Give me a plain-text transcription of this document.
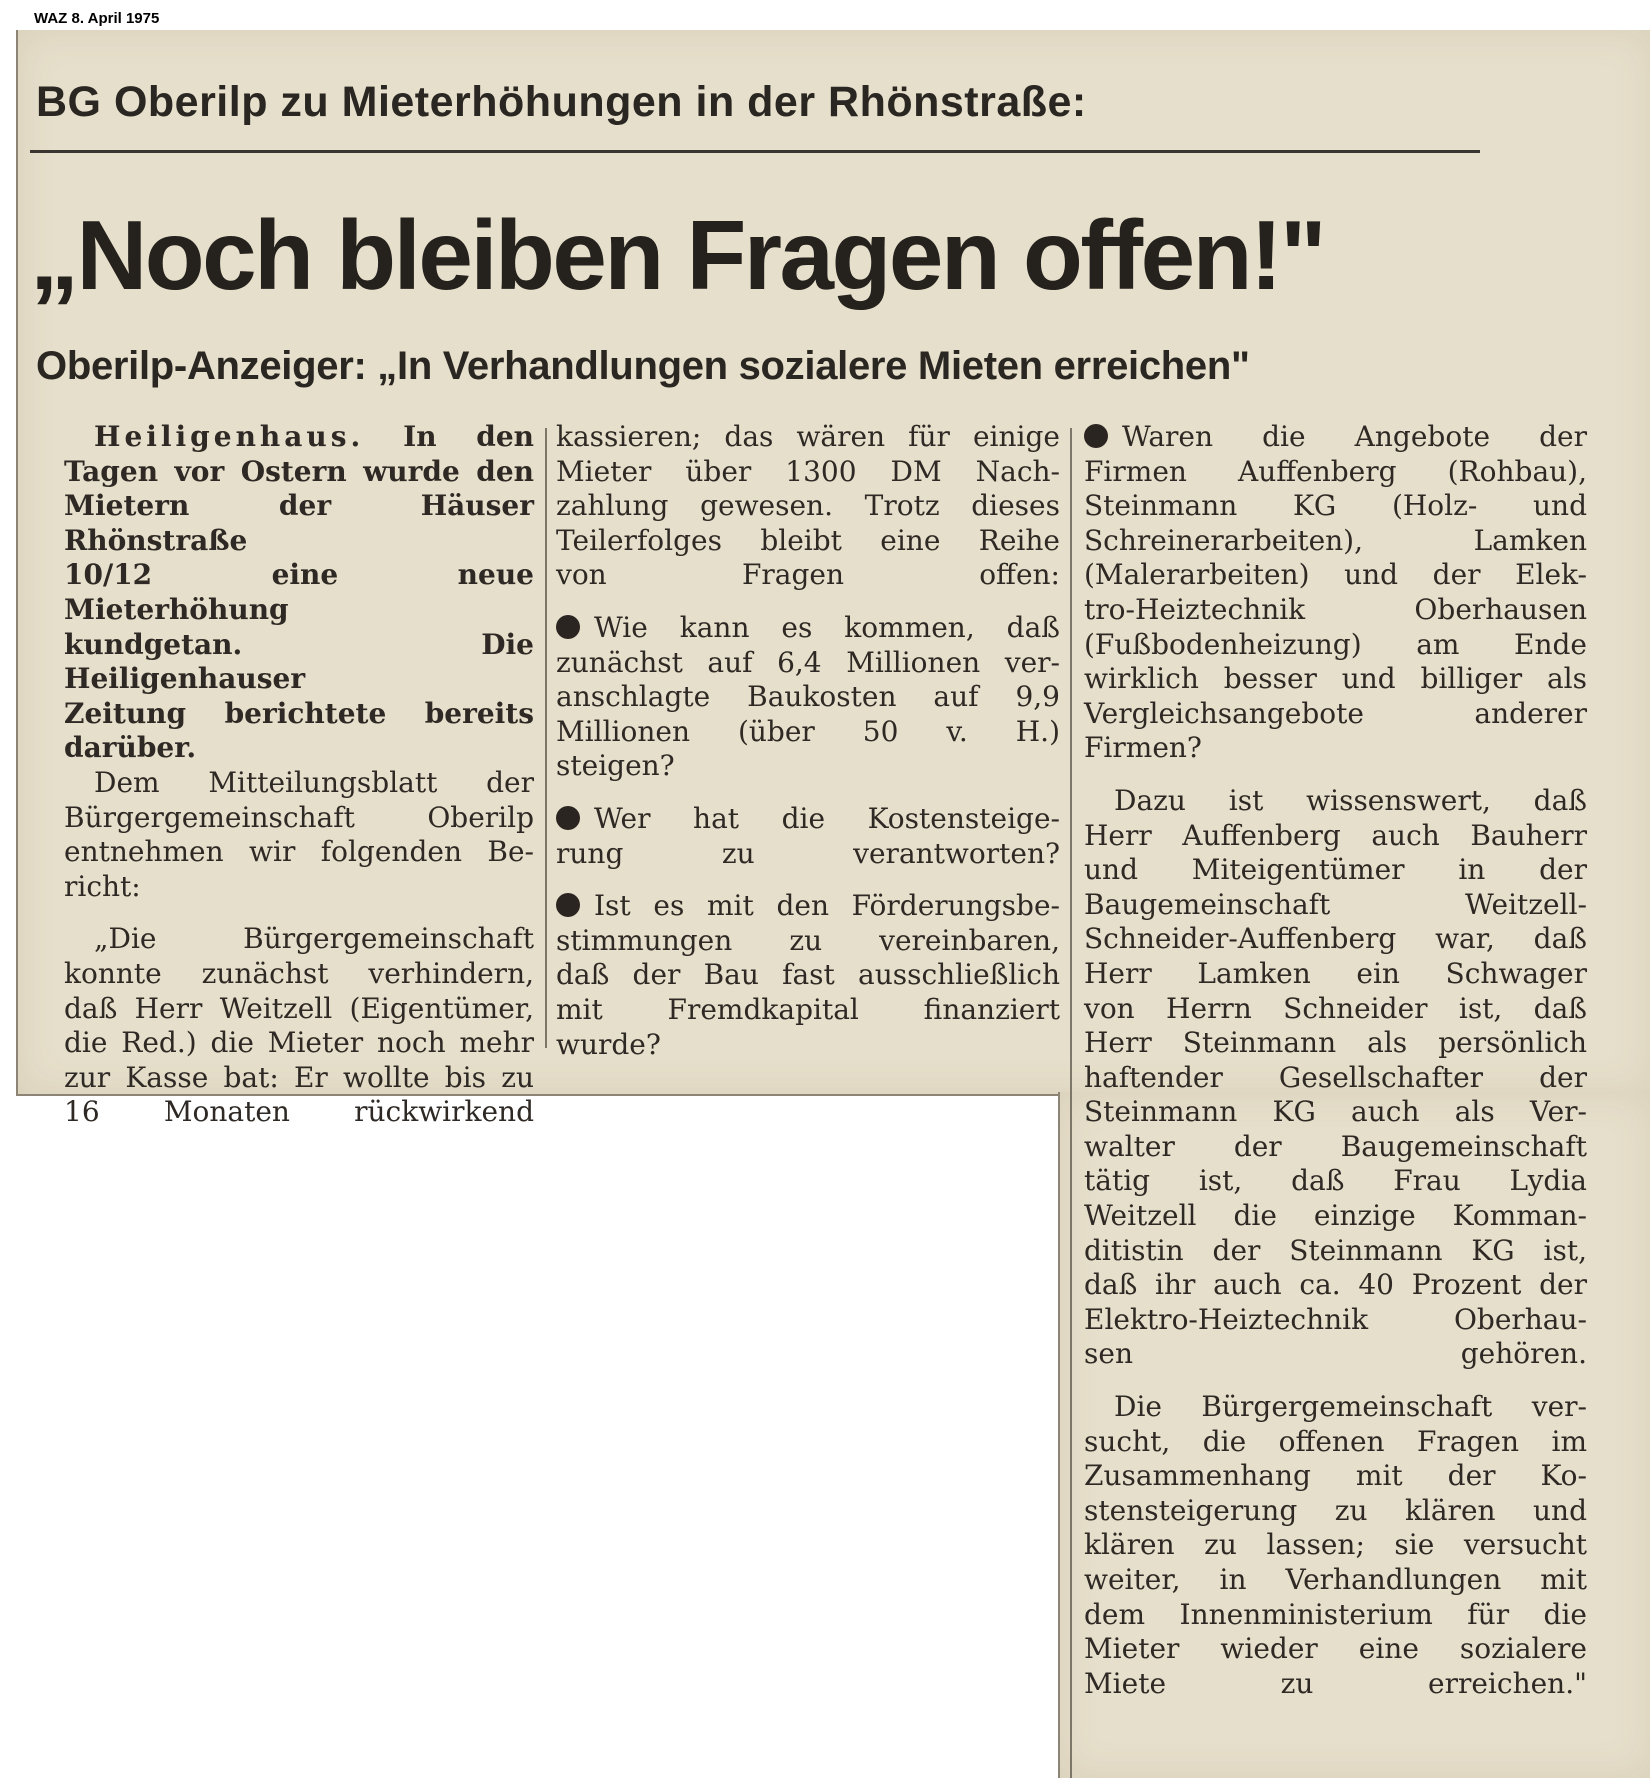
WAZ 8. April 1975
BG Oberilp zu Mieterhöhungen in der Rhönstraße:
„Noch bleiben Fragen offen!"
Oberilp-Anzeiger: „In Verhandlungen sozialere Mieten erreichen"

Heiligenhaus. In den
Tagen vor Ostern wurde den
Mietern der Häuser Rhönstraße
10/12 eine neue Mieterhöhung
kundgetan. Die Heiligenhauser
Zeitung berichtete bereits
darüber.

Dem Mitteilungsblatt der
Bürgergemeinschaft Oberilp
entnehmen wir folgenden Be-
richt:

„Die Bürgergemeinschaft
konnte zunächst verhindern,
daß Herr Weitzell (Eigentümer,
die Red.) die Mieter noch mehr
zur Kasse bat: Er wollte bis zu
16 Monaten rückwirkend

kassieren; das wären für einige
Mieter über 1300 DM Nach-
zahlung gewesen. Trotz dieses
Teilerfolges bleibt eine Reihe
von Fragen offen:

Wie kann es kommen, daß
zunächst auf 6,4 Millionen ver-
anschlagte Baukosten auf 9,9
Millionen (über 50 v. H.)
steigen?

Wer hat die Kostensteige-
rung zu verantworten?

Ist es mit den Förderungsbe-
stimmungen zu vereinbaren,
daß der Bau fast ausschließlich
mit Fremdkapital finanziert
wurde?

Waren die Angebote der
Firmen Auffenberg (Rohbau),
Steinmann KG (Holz- und
Schreinerarbeiten), Lamken
(Malerarbeiten) und der Elek-
tro-Heiztechnik Oberhausen
(Fußbodenheizung) am Ende
wirklich besser und billiger als
Vergleichsangebote anderer
Firmen?

Dazu ist wissenswert, daß
Herr Auffenberg auch Bauherr
und Miteigentümer in der
Baugemeinschaft Weitzell-
Schneider-Auffenberg war, daß
Herr Lamken ein Schwager
von Herrn Schneider ist, daß
Herr Steinmann als persönlich
haftender Gesellschafter der
Steinmann KG auch als Ver-
walter der Baugemeinschaft
tätig ist, daß Frau Lydia
Weitzell die einzige Komman-
ditistin der Steinmann KG ist,
daß ihr auch ca. 40 Prozent der
Elektro-Heiztechnik Oberhau-
sen gehören.

Die Bürgergemeinschaft ver-
sucht, die offenen Fragen im
Zusammenhang mit der Ko-
stensteigerung zu klären und
klären zu lassen; sie versucht
weiter, in Verhandlungen mit
dem Innenministerium für die
Mieter wieder eine sozialere
Miete zu erreichen."
